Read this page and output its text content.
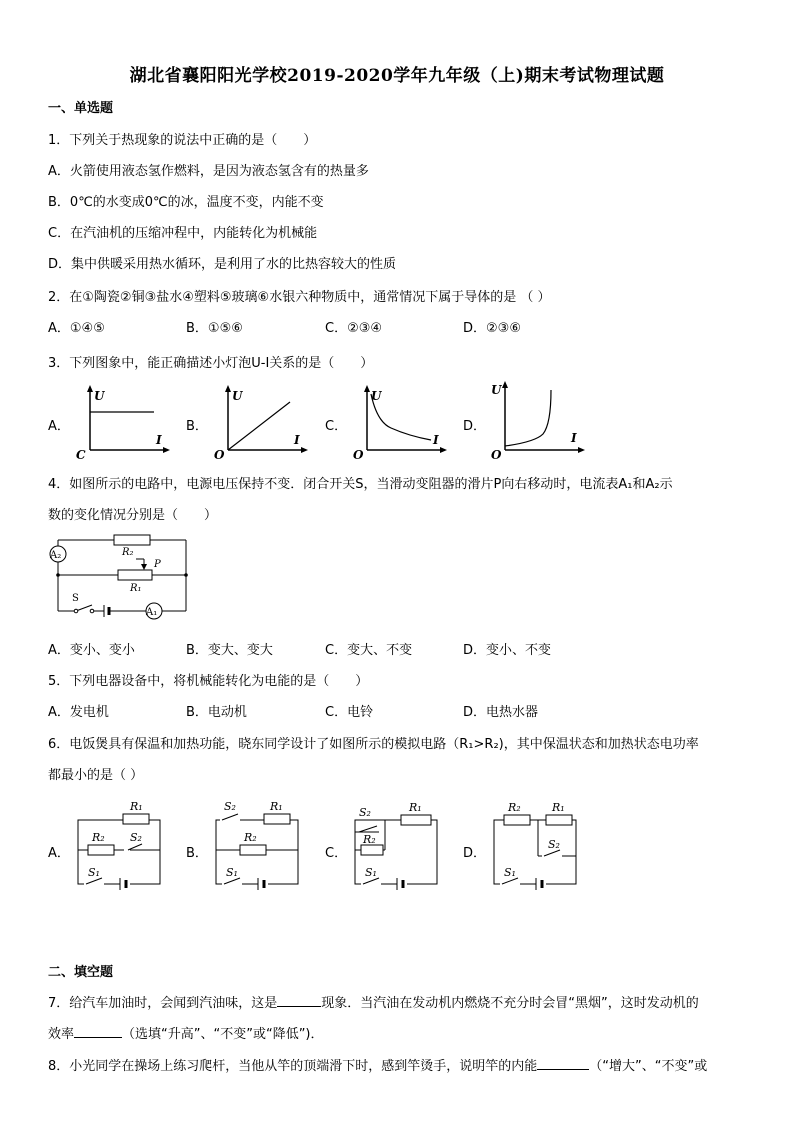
湖北省襄阳阳光学校2019-2020学年九年级（上)期末考试物理试题
一、单选题
1．下列关于热现象的说法中正确的是（　　）
A．火箭使用液态氢作燃料，是因为液态氢含有的热量多
B．0℃的水变成0℃的冰，温度不变，内能不变
C．在汽油机的压缩冲程中，内能转化为机械能
D．集中供暖采用热水循环，是利用了水的比热容较大的性质
2．在①陶瓷②铜③盐水④塑料⑤玻璃⑥水银六种物质中，通常情况下属于导体的是 （ ）
A．①④⑤	B．①⑤⑥	C．②③④	D．②③⑥
3．下列图象中，能正确描述小灯泡U-I关系的是（　　）
A．
U
I
C
B．
U
I
O
C．
U
I
O
D．
U
I
O
4．如图所示的电路中，电源电压保持不变．闭合开关S，当滑动变阻器的滑片P向右移动时，电流表A₁和A₂示
数的变化情况分别是（　　）
A₂
A₁
R₂
R₁
P
S
A．变小、变小	B．变大、变大	C．变大、不变	D．变小、不变
5．下列电器设备中，将机械能转化为电能的是（　　）
A．发电机	B．电动机	C．电铃	D．电热水器
6．电饭煲具有保温和加热功能，晓东同学设计了如图所示的模拟电路（R₁>R₂)，其中保温状态和加热状态电功率
都最小的是（ ）
A．
R₁
R₂ S₂
S₁
B．
S₂	R₁
R₂
S₁
C．
S₂	R₁
R₂
S₁
D．
R₂	R₁
S₂
S₁
二、填空题
7．给汽车加油时，会闻到汽油味，这是	现象．当汽油在发动机内燃烧不充分时会冒“黑烟”，这时发动机的
效率	（选填“升高”、“不变”或“降低”)．
8．小光同学在操场上练习爬杆，当他从竿的顶端滑下时，感到竿烫手，说明竿的内能	（“增大”、“不变”或
